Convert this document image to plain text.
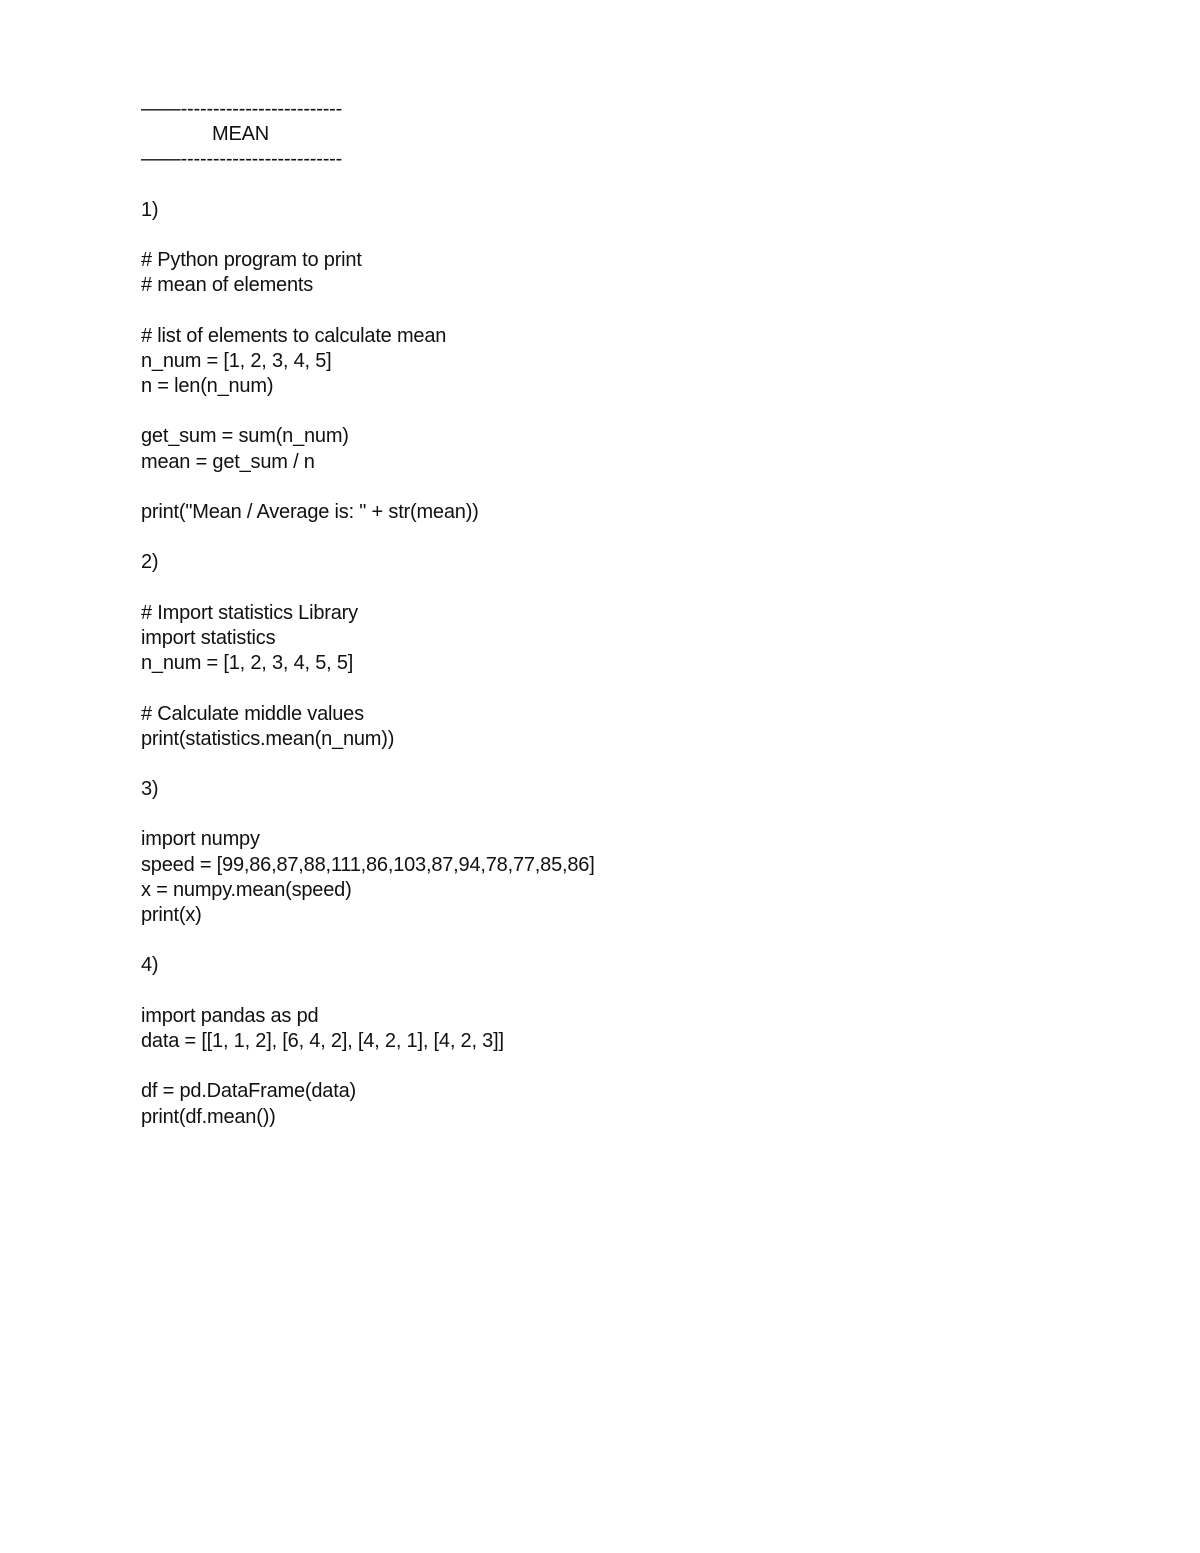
——-------------------------
MEAN
——-------------------------
1)
# Python program to print
# mean of elements
# list of elements to calculate mean
n_num = [1, 2, 3, 4, 5]
n = len(n_num)
get_sum = sum(n_num)
mean = get_sum / n
print("Mean / Average is: " + str(mean))
2)
# Import statistics Library
import statistics
n_num = [1, 2, 3, 4, 5, 5]
# Calculate middle values
print(statistics.mean(n_num))
3)
import numpy
speed = [99,86,87,88,111,86,103,87,94,78,77,85,86]
x = numpy.mean(speed)
print(x)
4)
import pandas as pd
data = [[1, 1, 2], [6, 4, 2], [4, 2, 1], [4, 2, 3]]
df = pd.DataFrame(data)
print(df.mean())
